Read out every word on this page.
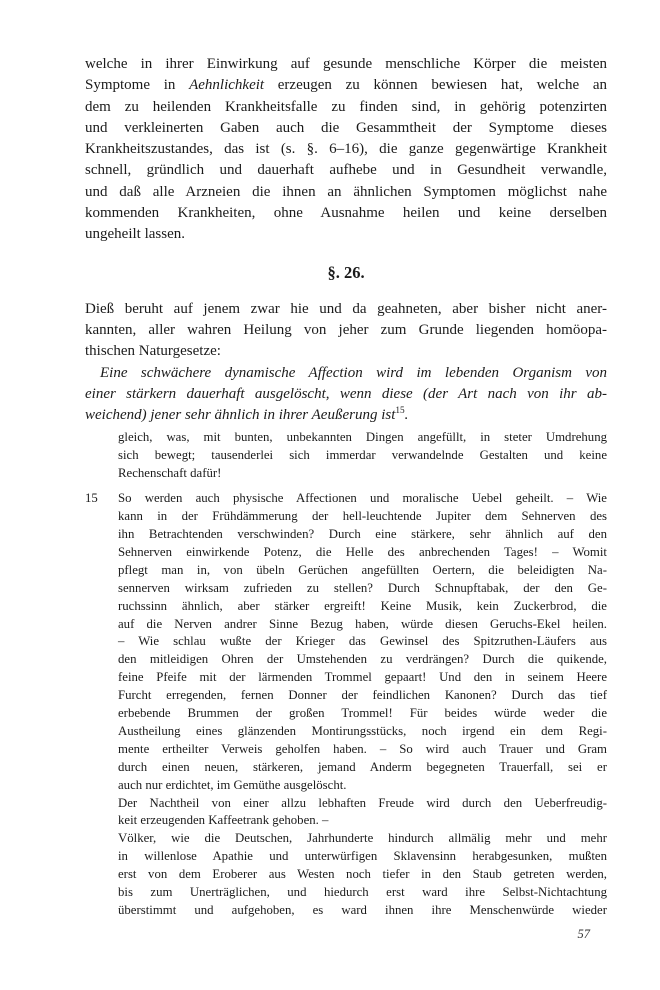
welche in ihrer Einwirkung auf gesunde menschliche Körper die meisten
Symptome in Aehnlichkeit erzeugen zu können bewiesen hat, welche an
dem zu heilenden Krankheitsfalle zu finden sind, in gehörig potenzirten
und verkleinerten Gaben auch die Gesammtheit der Symptome dieses
Krankheitszustandes, das ist (s. §. 6–16), die ganze gegenwärtige Krankheit
schnell, gründlich und dauerhaft aufhebe und in Gesundheit verwandle,
und daß alle Arzneien die ihnen an ähnlichen Symptomen möglichst nahe
kommenden Krankheiten, ohne Ausnahme heilen und keine derselben
ungeheilt lassen.
§. 26.
Dieß beruht auf jenem zwar hie und da geahneten, aber bisher nicht aner-
kannten, aller wahren Heilung von jeher zum Grunde liegenden homöopa-
thischen Naturgesetze:
Eine schwächere dynamische Affection wird im lebenden Organism von
einer stärkern dauerhaft ausgelöscht, wenn diese (der Art nach von ihr ab-
weichend) jener sehr ähnlich in ihrer Aeußerung ist$^{15}$.
gleich, was, mit bunten, unbekannten Dingen angefüllt, in steter Umdrehung
sich bewegt; tausenderlei sich immerdar verwandelnde Gestalten und keine
Rechenschaft dafür!
15	So werden auch physische Affectionen und moralische Uebel geheilt. – Wie
kann in der Frühdämmerung der hell-leuchtende Jupiter dem Sehnerven des
ihn Betrachtenden verschwinden? Durch eine stärkere, sehr ähnlich auf den
Sehnerven einwirkende Potenz, die Helle des anbrechenden Tages! – Womit
pflegt man in, von übeln Gerüchen angefüllten Oertern, die beleidigten Na-
sennerven wirksam zufrieden zu stellen? Durch Schnupftabak, der den Ge-
ruchssinn ähnlich, aber stärker ergreift! Keine Musik, kein Zuckerbrod, die
auf die Nerven andrer Sinne Bezug haben, würde diesen Geruchs-Ekel heilen.
– Wie schlau wußte der Krieger das Gewinsel des Spitzruthen-Läufers aus
den mitleidigen Ohren der Umstehenden zu verdrängen? Durch die quikende,
feine Pfeife mit der lärmenden Trommel gepaart! Und den in seinem Heere
Furcht erregenden, fernen Donner der feindlichen Kanonen? Durch das tief
erbebende Brummen der großen Trommel! Für beides würde weder die
Austheilung eines glänzenden Montirungsstücks, noch irgend ein dem Regi-
mente ertheilter Verweis geholfen haben. – So wird auch Trauer und Gram
durch einen neuen, stärkeren, jemand Anderm begegneten Trauerfall, sei er
auch nur erdichtet, im Gemüthe ausgelöscht.
Der Nachtheil von einer allzu lebhaften Freude wird durch den Ueberfreudig-
keit erzeugenden Kaffeetrank gehoben. –
Völker, wie die Deutschen, Jahrhunderte hindurch allmälig mehr und mehr
in willenlose Apathie und unterwürfigen Sklavensinn herabgesunken, mußten
erst von dem Eroberer aus Westen noch tiefer in den Staub getreten werden,
bis zum Unerträglichen, und hiedurch erst ward ihre Selbst-Nichtachtung
überstimmt und aufgehoben, es ward ihnen ihre Menschenwürde wieder
57
